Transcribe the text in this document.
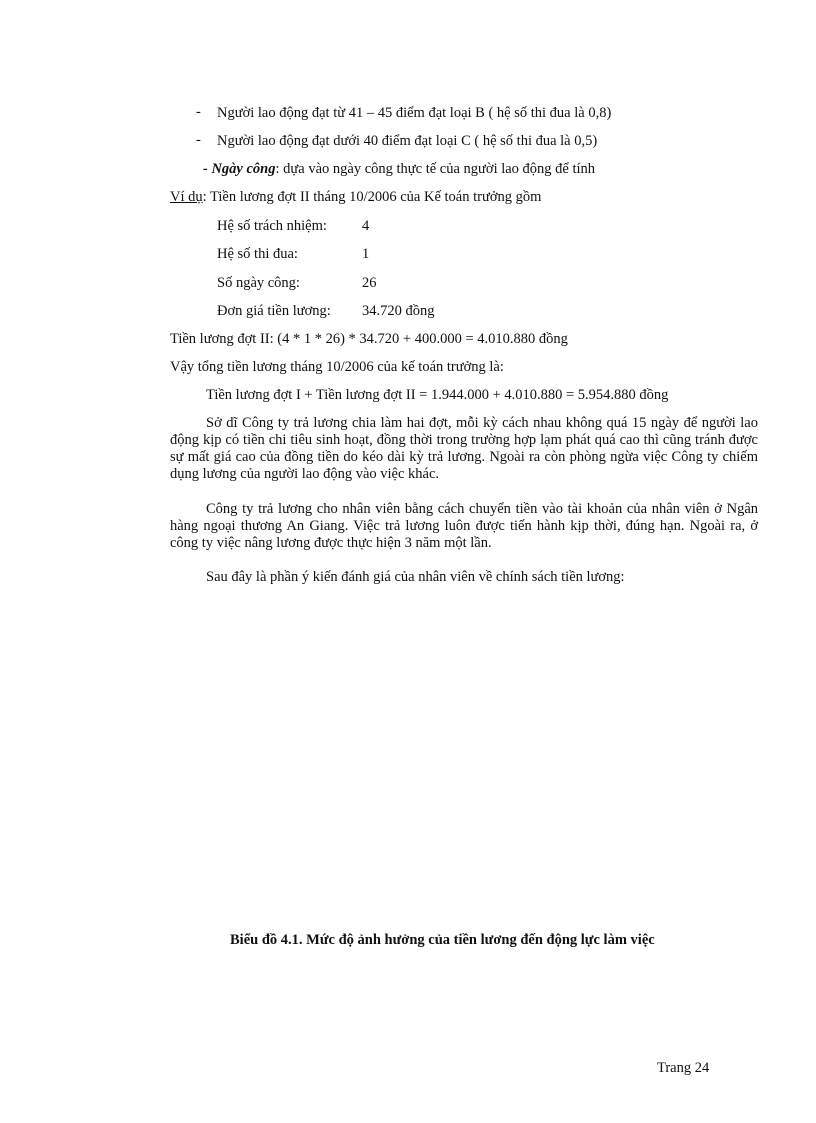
- Người lao động đạt từ 41 – 45 điểm đạt loại B ( hệ số thi đua là 0,8)
- Người lao động đạt dưới 40 điểm đạt loại C ( hệ số thi đua là 0,5)
- Ngày công: dựa vào ngày công thực tế của người lao động để tính
Ví dụ: Tiền lương đợt II tháng 10/2006 của Kế toán trưởng gồm
Hệ số trách nhiệm: 4
Hệ số thi đua:	1
Số ngày công:	26
Đơn giá tiền lương: 34.720 đồng
Tiền lương đợt II: (4 * 1 * 26) * 34.720 + 400.000 = 4.010.880 đồng
Vậy tổng tiền lương tháng 10/2006 của kế toán trưởng là:
Tiền lương đợt I + Tiền lương đợt II = 1.944.000 + 4.010.880 = 5.954.880 đồng
Sở dĩ Công ty trả lương chia làm hai đợt, mỗi kỳ cách nhau không quá 15 ngày để người lao động kịp có tiền chi tiêu sinh hoạt, đồng thời trong trường hợp lạm phát quá cao thì cũng tránh được sự mất giá cao của đồng tiền do kéo dài kỳ trả lương. Ngoài ra còn phòng ngừa việc Công ty chiếm dụng lương của người lao động vào việc khác.
Công ty trả lương cho nhân viên bằng cách chuyển tiền vào tài khoản của nhân viên ở Ngân hàng ngoại thương An Giang. Việc trả lương luôn được tiến hành kịp thời, đúng hạn. Ngoài ra, ở công ty việc nâng lương được thực hiện 3 năm một lần.
Sau đây là phần ý kiến đánh giá của nhân viên về chính sách tiền lương:
Biểu đồ 4.1. Mức độ ảnh hưởng của tiền lương đến động lực làm việc
Trang 24
